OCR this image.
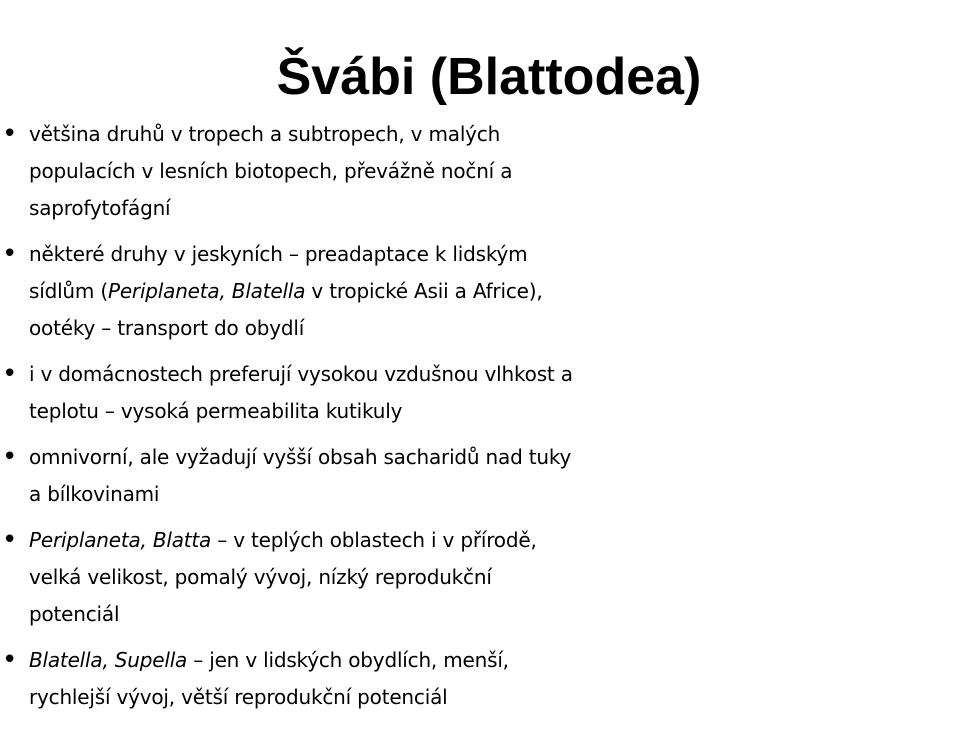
Švábi (Blattodea)
• většina druhů v tropech a subtropech, v malých
populacích v lesních biotopech, převážně noční a
saprofytofágní
• některé druhy v jeskyních – preadaptace k lidským
sídlům (Periplaneta, Blatella v tropické Asii a Africe),
ootéky – transport do obydlí
• i v domácnostech preferují vysokou vzdušnou vlhkost a
teplotu – vysoká permeabilita kutikuly
• omnivorní, ale vyžadují vyšší obsah sacharidů nad tuky
a bílkovinami
• Periplaneta, Blatta – v teplých oblastech i v přírodě,
velká velikost, pomalý vývoj, nízký reprodukční
potenciál
• Blatella, Supella – jen v lidských obydlích, menší,
rychlejší vývoj, větší reprodukční potenciál
